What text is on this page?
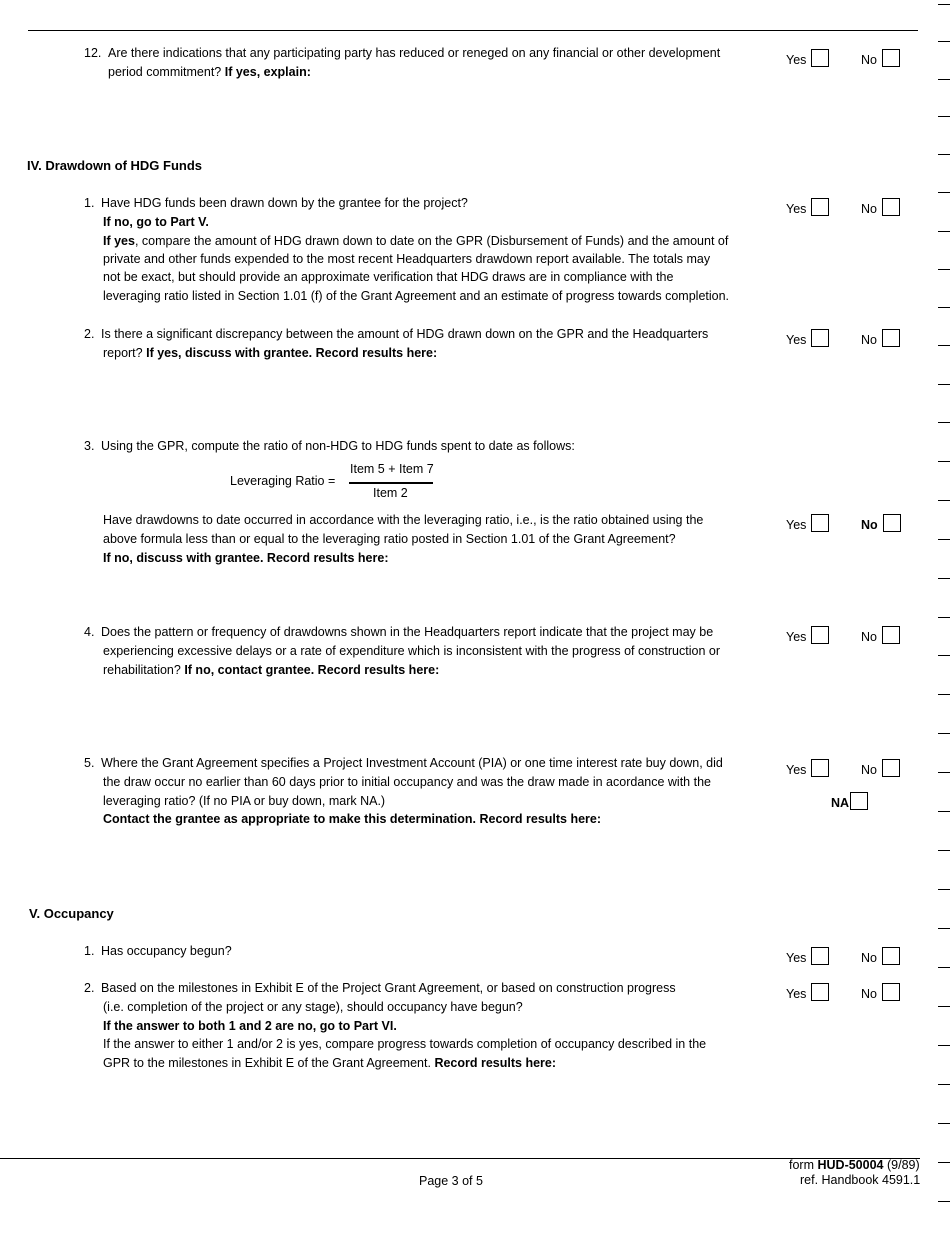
12. Are there indications that any participating party has reduced or reneged on any financial or other development
period commitment? If yes, explain:
Yes	No
IV. Drawdown of HDG Funds
1. Have HDG funds been drawn down by the grantee for the project?
If no, go to Part V.
If yes, compare the amount of HDG drawn down to date on the GPR (Disbursement of Funds) and the amount of
private and other funds expended to the most recent Headquarters drawdown report available. The totals may
not be exact, but should provide an approximate verification that HDG draws are in compliance with the
leveraging ratio listed in Section 1.01 (f) of the Grant Agreement and an estimate of progress towards completion.
Yes	No
2. Is there a significant discrepancy between the amount of HDG drawn down on the GPR and the Headquarters
report? If yes, discuss with grantee. Record results here:
Yes	No
3. Using the GPR, compute the ratio of non-HDG to HDG funds spent to date as follows:
Leveraging Ratio =
Item 5 + Item 7
Item 2
Have drawdowns to date occurred in accordance with the leveraging ratio, i.e., is the ratio obtained using the
above formula less than or equal to the leveraging ratio posted in Section 1.01 of the Grant Agreement?
If no, discuss with grantee. Record results here:
Yes	No
4. Does the pattern or frequency of drawdowns shown in the Headquarters report indicate that the project may be
experiencing excessive delays or a rate of expenditure which is inconsistent with the progress of construction or
rehabilitation? If no, contact grantee. Record results here:
Yes	No
5. Where the Grant Agreement specifies a Project Investment Account (PIA) or one time interest rate buy down, did
the draw occur no earlier than 60 days prior to initial occupancy and was the draw made in acordance with the
leveraging ratio? (If no PIA or buy down, mark NA.)
Contact the grantee as appropriate to make this determination. Record results here:
Yes	No
NA
V. Occupancy
1. Has occupancy begun?	Yes	No
2. Based on the milestones in Exhibit E of the Project Grant Agreement, or based on construction progress
(i.e. completion of the project or any stage), should occupancy have begun?
If the answer to both 1 and 2 are no, go to Part VI.
If the answer to either 1 and/or 2 is yes, compare progress towards completion of occupancy described in the
GPR to the milestones in Exhibit E of the Grant Agreement. Record results here:
Yes	No
Page 3 of 5
form HUD-50004 (9/89)
ref. Handbook 4591.1
